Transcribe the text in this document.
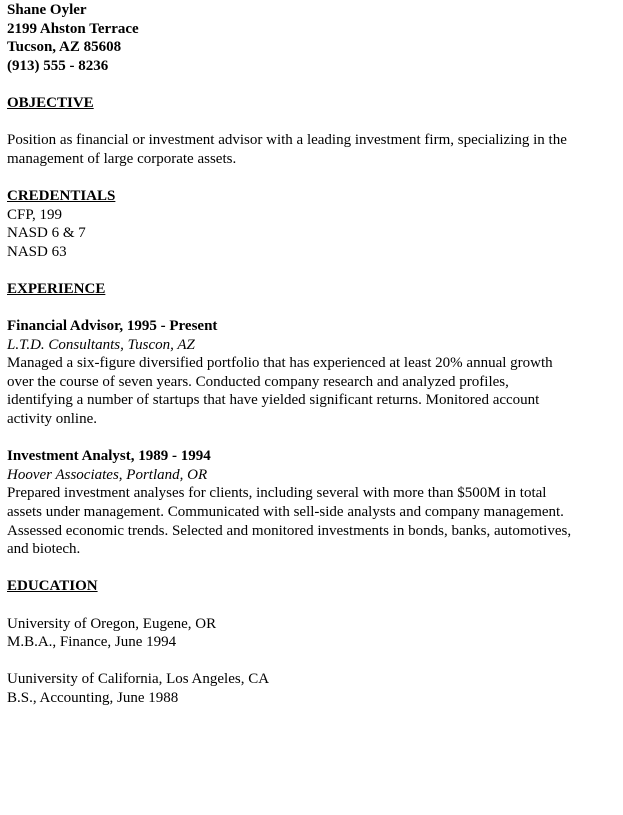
Shane Oyler
2199 Ahston Terrace
Tucson, AZ 85608
(913) 555 - 8236
OBJECTIVE
Position as financial or investment advisor with a leading investment firm, specializing in the management of large corporate assets.
CREDENTIALS
CFP, 199
NASD 6 & 7
NASD 63
EXPERIENCE
Financial Advisor, 1995 - Present
L.T.D. Consultants, Tuscon, AZ
Managed a six-figure diversified portfolio that has experienced at least 20% annual growth over the course of seven years. Conducted company research and analyzed profiles, identifying a number of startups that have yielded significant returns. Monitored account activity online.
Investment Analyst, 1989 - 1994
Hoover Associates, Portland, OR
Prepared investment analyses for clients, including several with more than $500M in total assets under management. Communicated with sell-side analysts and company management. Assessed economic trends. Selected and monitored investments in bonds, banks, automotives, and biotech.
EDUCATION
University of Oregon, Eugene, OR
M.B.A., Finance, June 1994
Uuniversity of California, Los Angeles, CA
B.S., Accounting, June 1988
